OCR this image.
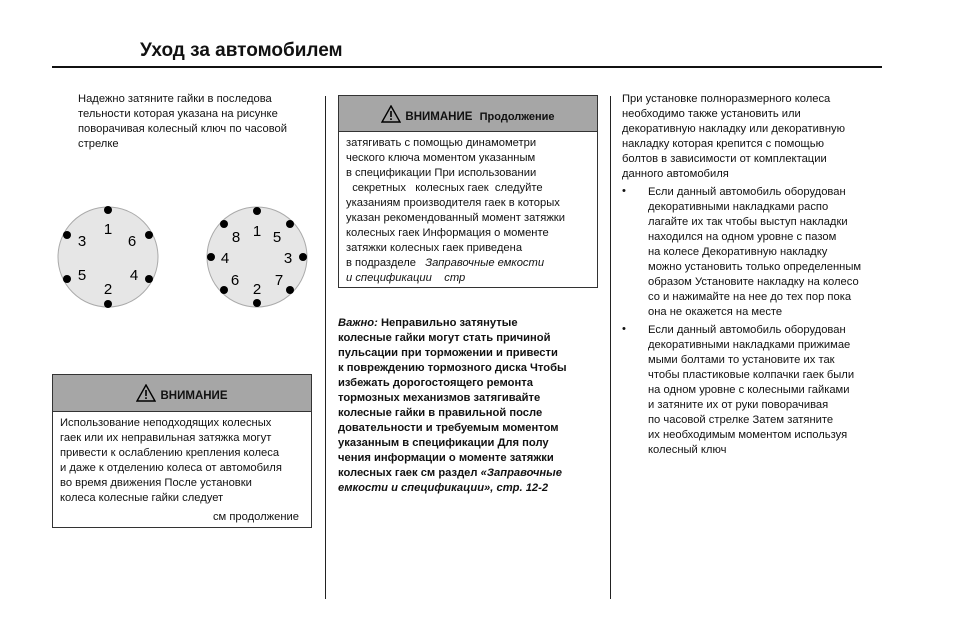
Уход за автомобилем
Надежно затяните гайки в последова
тельности которая указана на рисунке
поворачивая колесный ключ по часовой
стрелке
1
6
4
2
5
3
1 5
3
7
2
6
4
8
ВНИМАНИЕ
Использование неподходящих колесных
гаек или их неправильная затяжка могут
привести к ослаблению крепления колеса
и даже к отделению колеса от автомобиля
во время движения После установки
колеса колесные гайки следует
см продолжение
ВНИМАНИЕ Продолжение
затягивать с помощью динамометри
ческого ключа моментом указанным
в спецификации При использовании
секретных   колесных гаек  следуйте
указаниям производителя гаек в которых
указан рекомендованный момент затяжки
колесных гаек Информация о моменте
затяжки колесных гаек приведена
в подразделе Заправочные емкости
и спецификации    стр
Важно: Неправильно затянутые
колесные гайки могут стать причиной
пульсации при торможении и привести
к повреждению тормозного диска Чтобы
избежать дорогостоящего ремонта
тормозных механизмов затягивайте
колесные гайки в правильной после
довательности и требуемым моментом
указанным в спецификации Для полу
чения информации о моменте затяжки
колесных гаек см раздел «Заправочные
емкости и спецификации», стр. 12-2
При установке полноразмерного колеса
необходимо также установить или
декоративную накладку или декоративную
накладку которая крепится с помощью
болтов в зависимости от комплектации
данного автомобиля
• Если данный автомобиль оборудован
декоративными накладками распо
лагайте их так чтобы выступ накладки
находился на одном уровне с пазом
на колесе Декоративную накладку
можно установить только определенным
образом Установите накладку на колесо
со и нажимайте на нее до тех пор пока
она не окажется на месте
• Если данный автомобиль оборудован
декоративными накладками прижимае
мыми болтами то установите их так
чтобы пластиковые колпачки гаек были
на одном уровне с колесными гайками
и затяните их от руки поворачивая
по часовой стрелке Затем затяните
их необходимым моментом используя
колесный ключ
